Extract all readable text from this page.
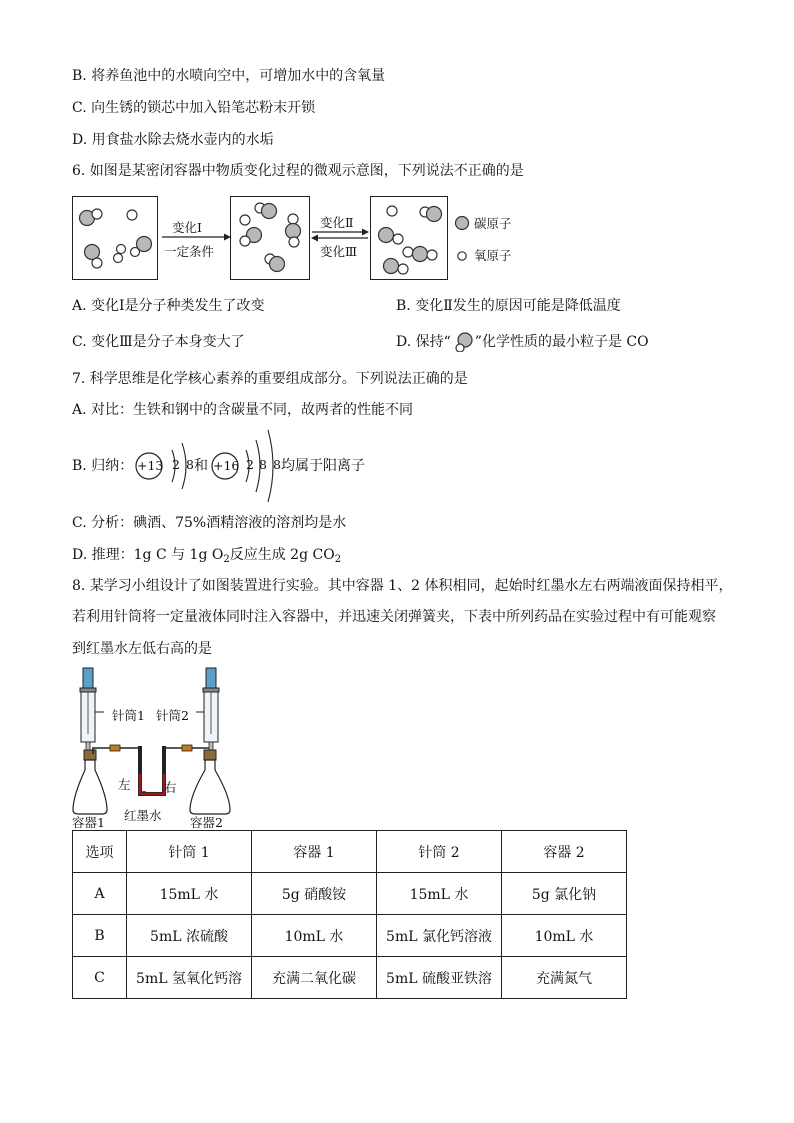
B. 将养鱼池中的水喷向空中，可增加水中的含氧量
C. 向生锈的锁芯中加入铅笔芯粉末开锁
D. 用食盐水除去烧水壶内的水垢
6. 如图是某密闭容器中物质变化过程的微观示意图，下列说法不正确的是
变化Ⅰ
一定条件
变化Ⅱ
变化Ⅲ
碳原子
氧原子
A. 变化Ⅰ是分子种类发生了改变	B. 变化Ⅱ发生的原因可能是降低温度
C. 变化Ⅲ是分子本身变大了	D. 保持“ ”化学性质的最小粒子是 CO
7. 科学思维是化学核心素养的重要组成部分。下列说法正确的是
A. 对比：生铁和钢中的含碳量不同，故两者的性能不同
B. 归纳： +13 2 8 和 +16 2 8 8 均属于阳离子
C. 分析：碘酒、75%酒精溶液的溶剂均是水
D. 推理：1g C 与 1g $O_2$反应生成 2g $CO_2$
8. 某学习小组设计了如图装置进行实验。其中容器 1、2 体积相同，起始时红墨水左右两端液面保持相平，
若利用针筒将一定量液体同时注入容器中，并迅速关闭弹簧夹，下表中所列药品在实验过程中有可能观察
到红墨水左低右高的是
针筒1 针筒2
左	右
红墨水
容器1	容器2
选项	针筒 1	容器 1	针筒 2	容器 2
A	15mL 水	5g 硝酸铵	15mL 水	5g 氯化钠
B	5mL 浓硫酸	10mL 水	5mL 氯化钙溶液	10mL 水
C	5mL 氢氧化钙溶	充满二氧化碳	5mL 硫酸亚铁溶	充满氮气
